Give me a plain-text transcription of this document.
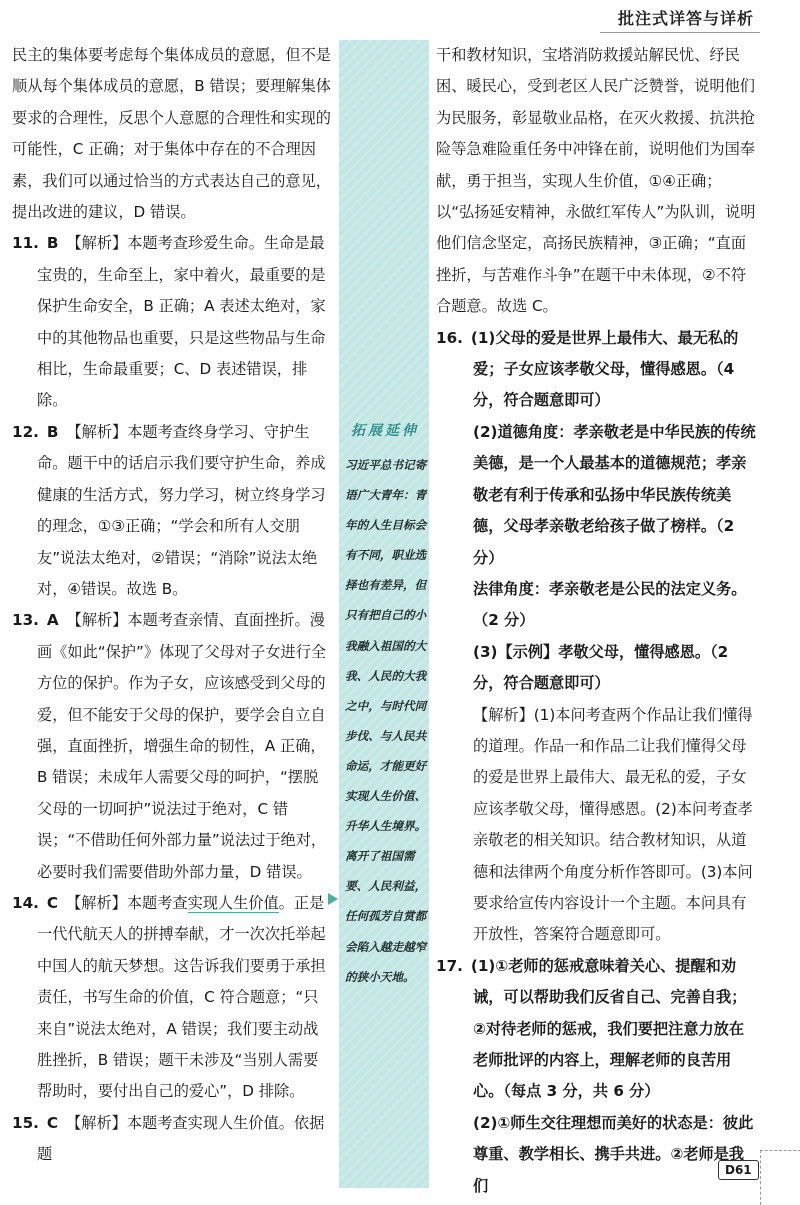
批注式详答与详析
民主的集体要考虑每个集体成员的意愿，但不是顺从每个集体成员的意愿，B 错误；要理解集体要求的合理性，反思个人意愿的合理性和实现的可能性，C 正确；对于集体中存在的不合理因素，我们可以通过恰当的方式表达自己的意见，提出改进的建议，D 错误。
11. B 【解析】本题考查珍爱生命。生命是最宝贵的，生命至上，家中着火，最重要的是保护生命安全，B 正确；A 表述太绝对，家中的其他物品也重要，只是这些物品与生命相比，生命最重要；C、D 表述错误，排除。
12. B 【解析】本题考查终身学习、守护生命。题干中的话启示我们要守护生命，养成健康的生活方式，努力学习，树立终身学习的理念，①③正确；“学会和所有人交朋友”说法太绝对，②错误；“消除”说法太绝对，④错误。故选 B。
13. A 【解析】本题考查亲情、直面挫折。漫画《如此“保护”》体现了父母对子女进行全方位的保护。作为子女，应该感受到父母的爱，但不能安于父母的保护，要学会自立自强，直面挫折，增强生命的韧性，A 正确，B 错误；未成年人需要父母的呵护，“摆脱父母的一切呵护”说法过于绝对，C 错误；“不借助任何外部力量”说法过于绝对，必要时我们需要借助外部力量，D 错误。
14. C 【解析】本题考查实现人生价值。正是一代代航天人的拼搏奉献，才一次次托举起中国人的航天梦想。这告诉我们要勇于承担责任，书写生命的价值，C 符合题意；“只来自”说法太绝对，A 错误；我们要主动战胜挫折，B 错误；题干未涉及“当别人需要帮助时，要付出自己的爱心”，D 排除。
15. C 【解析】本题考查实现人生价值。依据题
拓展延伸
习近平总书记寄语广大青年：青年的人生目标会有不同，职业选择也有差异，但只有把自己的小我融入祖国的大我、人民的大我之中，与时代同步伐、与人民共命运，才能更好实现人生价值、升华人生境界。离开了祖国需要、人民利益，任何孤芳自赏都会陷入越走越窄的狭小天地。
干和教材知识，宝塔消防救援站解民忧、纾民困、暖民心，受到老区人民广泛赞誉，说明他们为民服务，彰显敬业品格，在灭火救援、抗洪抢险等急难险重任务中冲锋在前，说明他们为国奉献，勇于担当，实现人生价值，①④正确；以“弘扬延安精神，永做红军传人”为队训，说明他们信念坚定，高扬民族精神，③正确；“直面挫折，与苦难作斗争”在题干中未体现，②不符合题意。故选 C。
16. (1)父母的爱是世界上最伟大、最无私的爱；子女应该孝敬父母，懂得感恩。（4 分，符合题意即可）
(2)道德角度：孝亲敬老是中华民族的传统美德，是一个人最基本的道德规范；孝亲敬老有利于传承和弘扬中华民族传统美德，父母孝亲敬老给孩子做了榜样。（2 分）
法律角度：孝亲敬老是公民的法定义务。（2 分）
(3)【示例】孝敬父母，懂得感恩。（2 分，符合题意即可）
【解析】(1)本问考查两个作品让我们懂得的道理。作品一和作品二让我们懂得父母的爱是世界上最伟大、最无私的爱，子女应该孝敬父母，懂得感恩。(2)本问考查孝亲敬老的相关知识。结合教材知识，从道德和法律两个角度分析作答即可。(3)本问要求给宣传内容设计一个主题。本问具有开放性，答案符合题意即可。
17. (1)①老师的惩戒意味着关心、提醒和劝诫，可以帮助我们反省自己、完善自我；②对待老师的惩戒，我们要把注意力放在老师批评的内容上，理解老师的良苦用心。（每点 3 分，共 6 分）
(2)①师生交往理想而美好的状态是：彼此尊重、教学相长、携手共进。②老师是我们
D61
